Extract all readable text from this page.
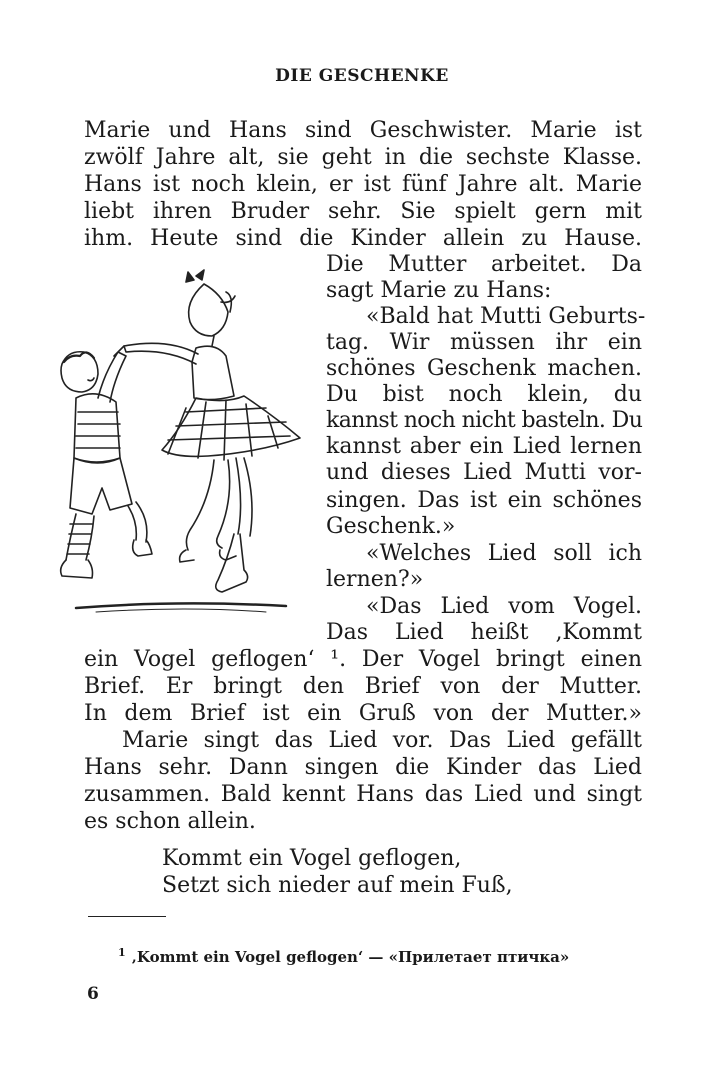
DIE GESCHENKE
Marie und Hans sind Geschwister. Marie ist
zwölf Jahre alt, sie geht in die sechste Klasse.
Hans ist noch klein, er ist fünf Jahre alt. Marie
liebt ihren Bruder sehr. Sie spielt gern mit
ihm. Heute sind die Kinder allein zu Hause.
Die Mutter arbeitet. Da
sagt Marie zu Hans:
«Bald hat Mutti Geburts-
tag. Wir müssen ihr ein
schönes Geschenk machen.
Du bist noch klein, du
kannst noch nicht basteln. Du
kannst aber ein Lied lernen
und dieses Lied Mutti vor-
singen. Das ist ein schönes
Geschenk.»
«Welches Lied soll ich
lernen?»
«Das Lied vom Vogel.
Das Lied heißt ‚Kommt
ein Vogel geflogen‘ ¹. Der Vogel bringt einen
Brief. Er bringt den Brief von der Mutter.
In dem Brief ist ein Gruß von der Mutter.»
Marie singt das Lied vor. Das Lied gefällt
Hans sehr. Dann singen die Kinder das Lied
zusammen. Bald kennt Hans das Lied und singt
es schon allein.
Kommt ein Vogel geflogen,
Setzt sich nieder auf mein Fuß,
$^1$ ‚Kommt ein Vogel geflogen‘ — «Прилетает птичка»
6
